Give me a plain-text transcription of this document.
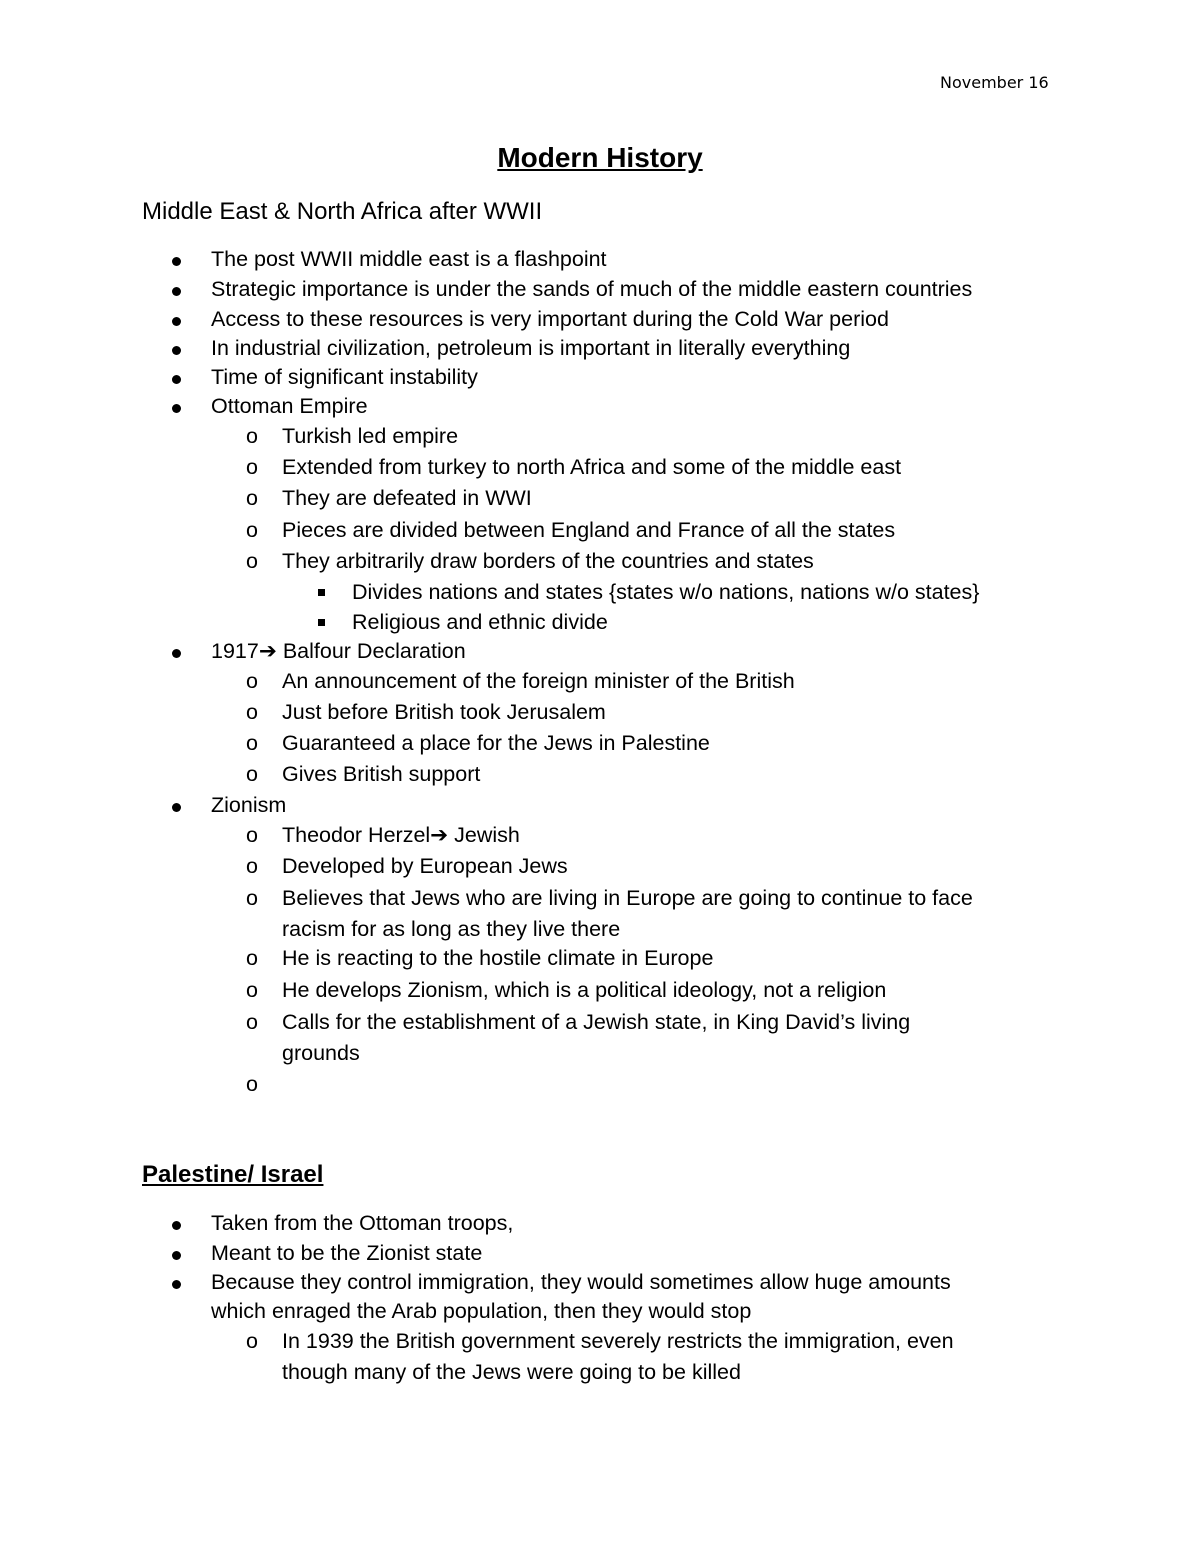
November 16
Modern History
Middle East & North Africa after WWII
The post WWII middle east is a flashpoint
Strategic importance is under the sands of much of the middle eastern countries
Access to these resources is very important during the Cold War period
In industrial civilization, petroleum is important in literally everything
Time of significant instability
Ottoman Empire
o Turkish led empire
o Extended from turkey to north Africa and some of the middle east
o They are defeated in WWI
o Pieces are divided between England and France of all the states
o They arbitrarily draw borders of the countries and states
Divides nations and states {states w/o nations, nations w/o states}
Religious and ethnic divide
1917➔ Balfour Declaration
o An announcement of the foreign minister of the British
o Just before British took Jerusalem
o Guaranteed a place for the Jews in Palestine
o Gives British support
Zionism
o Theodor Herzel➔ Jewish
o Developed by European Jews
o Believes that Jews who are living in Europe are going to continue to face
racism for as long as they live there
o He is reacting to the hostile climate in Europe
o He develops Zionism, which is a political ideology, not a religion
o Calls for the establishment of a Jewish state, in King David’s living
grounds
o
Palestine/ Israel
Taken from the Ottoman troops,
Meant to be the Zionist state
Because they control immigration, they would sometimes allow huge amounts
which enraged the Arab population, then they would stop
o In 1939 the British government severely restricts the immigration, even
though many of the Jews were going to be killed
